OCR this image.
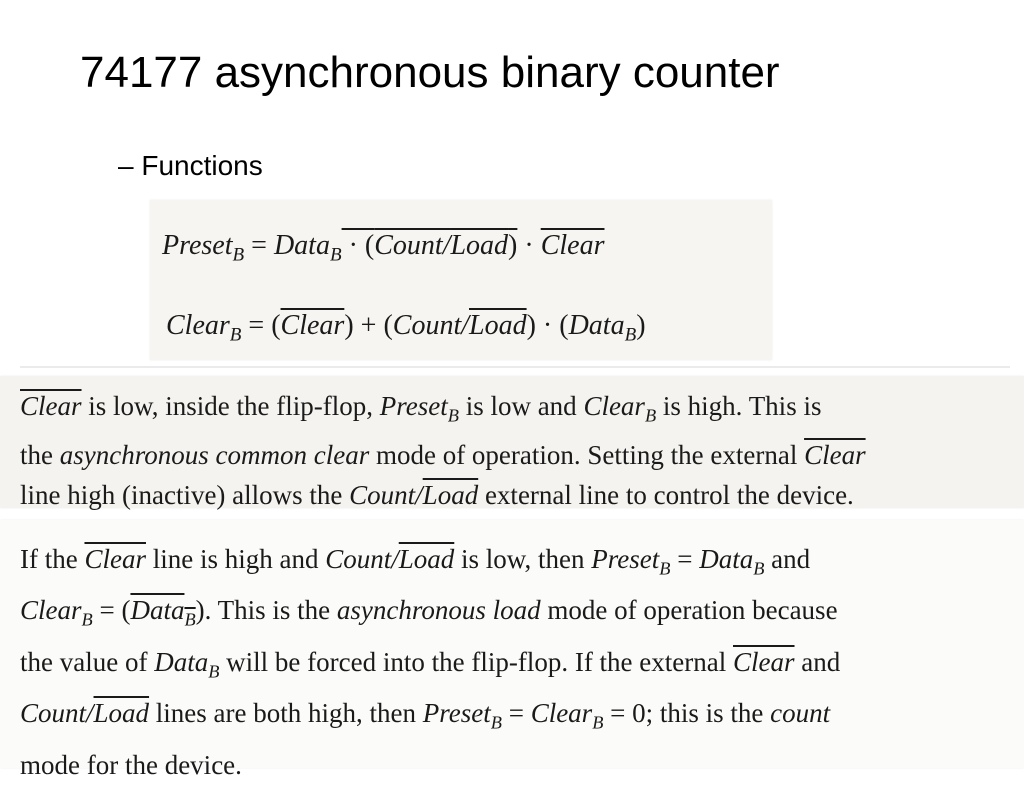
74177 asynchronous binary counter
– Functions
Preset$_B$ = Data$_B$ · (Count/Load) · Clear
Clear$_B$ = (Clear) + (Count/Load) · (Data$_B$)
Clear is low, inside the flip-flop, Preset$_B$ is low and Clear$_B$ is high. This is
the asynchronous common clear mode of operation. Setting the external Clear
line high (inactive) allows the Count/Load external line to control the device.
If the Clear line is high and Count/Load is low, then Preset$_B$ = Data$_B$ and
Clear$_B$ = (Data$_B$). This is the asynchronous load mode of operation because
the value of Data$_B$ will be forced into the flip-flop. If the external Clear and
Count/Load lines are both high, then Preset$_B$ = Clear$_B$ = 0; this is the count
mode for the device.
